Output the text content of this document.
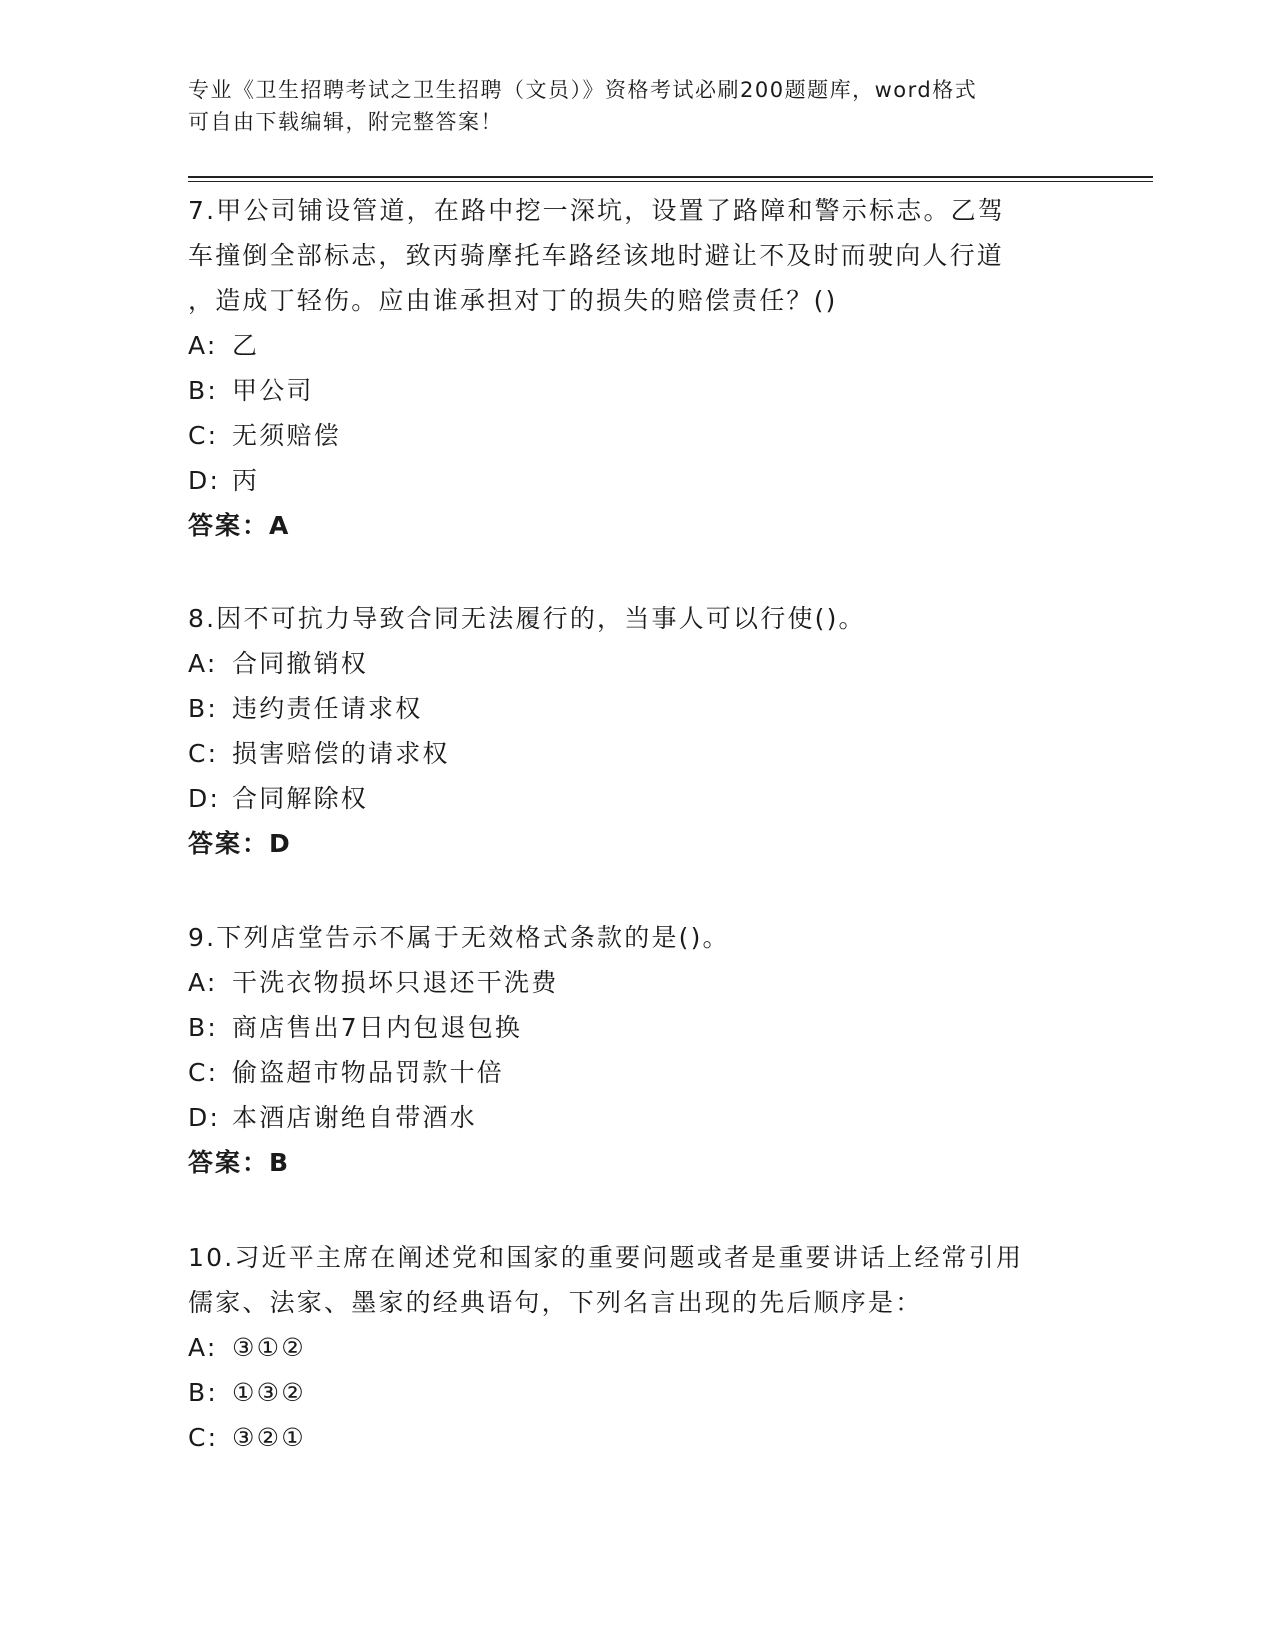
专业《卫生招聘考试之卫生招聘（文员）》资格考试必刷200题题库，word格式
可自由下载编辑，附完整答案！
7.甲公司铺设管道，在路中挖一深坑，设置了路障和警示标志。乙驾
车撞倒全部标志，致丙骑摩托车路经该地时避让不及时而驶向人行道
，造成丁轻伤。应由谁承担对丁的损失的赔偿责任？()
A: 乙
B: 甲公司
C: 无须赔偿
D: 丙
答案：A
8.因不可抗力导致合同无法履行的，当事人可以行使()。
A: 合同撤销权
B: 违约责任请求权
C: 损害赔偿的请求权
D: 合同解除权
答案：D
9.下列店堂告示不属于无效格式条款的是()。
A: 干洗衣物损坏只退还干洗费
B: 商店售出7日内包退包换
C: 偷盗超市物品罚款十倍
D: 本酒店谢绝自带酒水
答案：B
10.习近平主席在阐述党和国家的重要问题或者是重要讲话上经常引用
儒家、法家、墨家的经典语句，下列名言出现的先后顺序是：
A: ③①②
B: ①③②
C: ③②①
